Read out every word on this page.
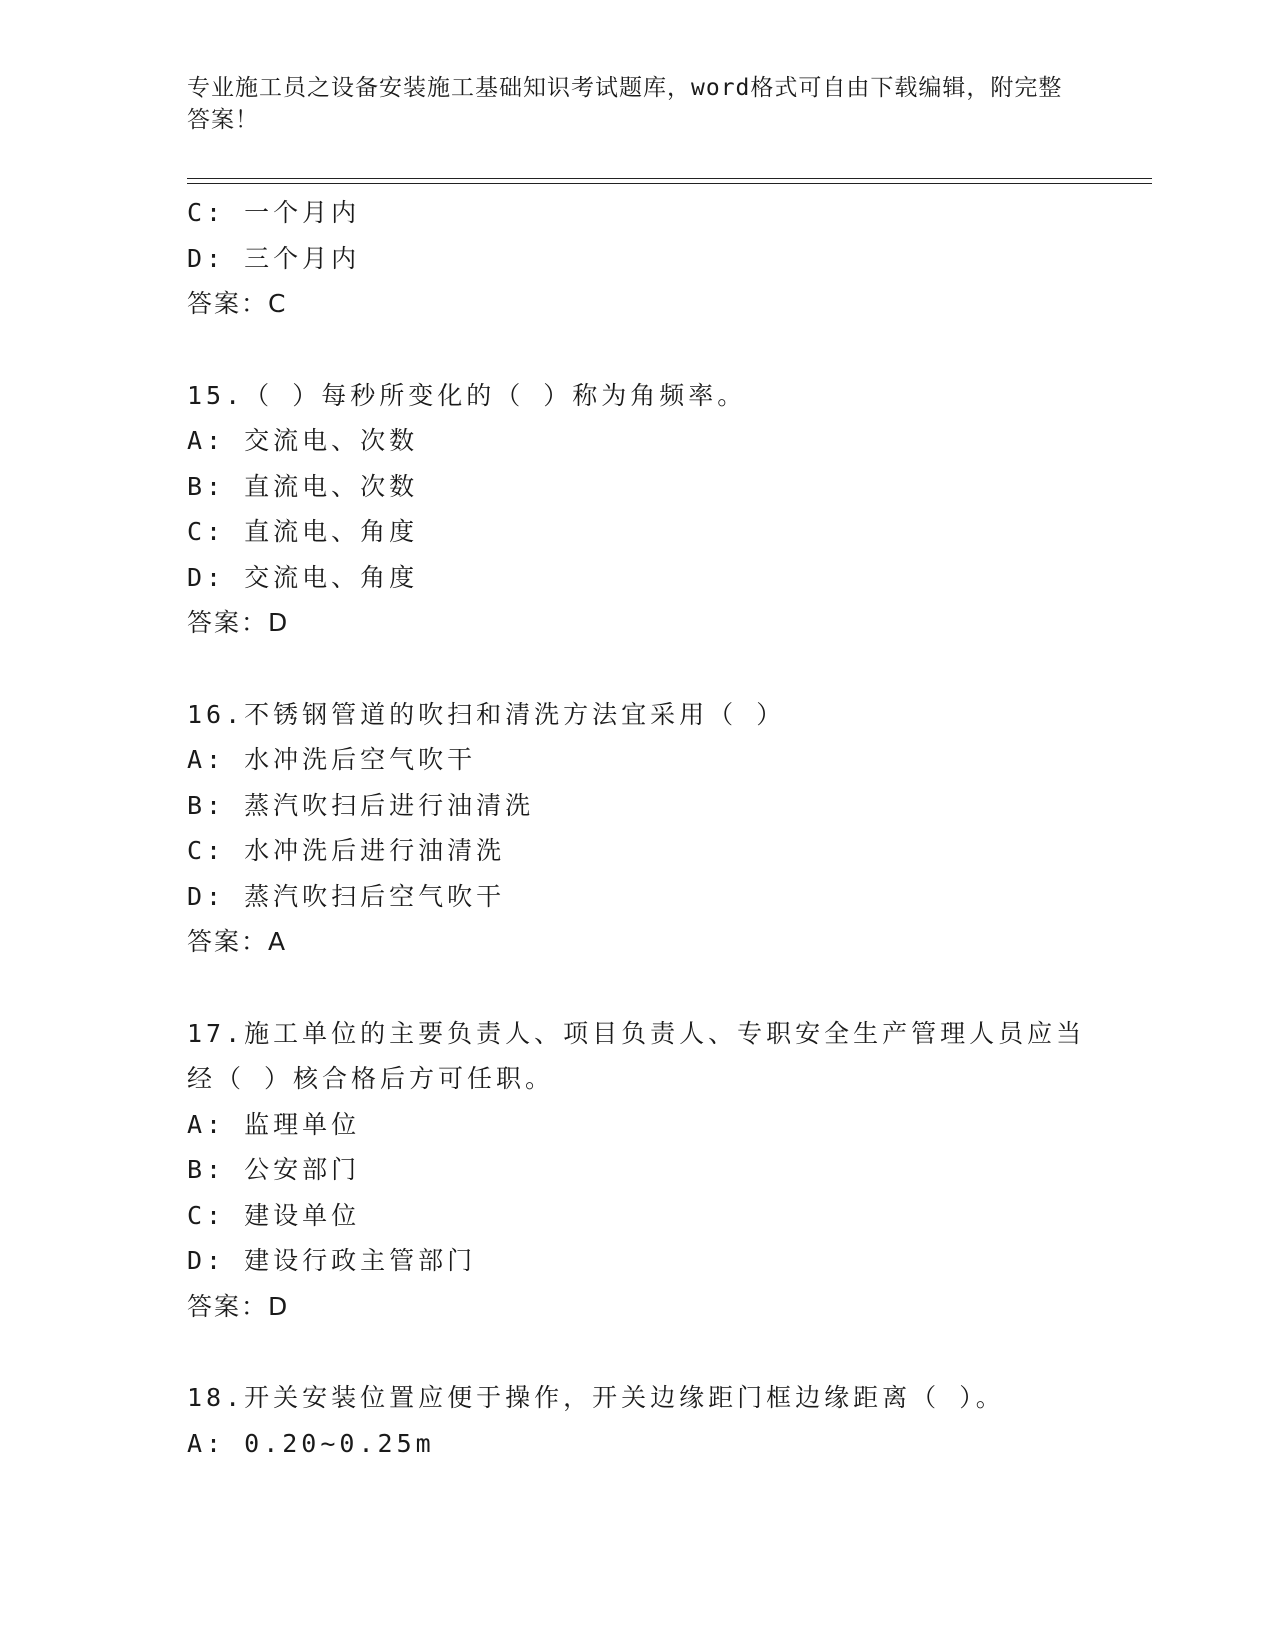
专业施工员之设备安装施工基础知识考试题库，word格式可自由下载编辑，附完整答案！
C: 一个月内
D: 三个月内
答案：C
15.（ ）每秒所变化的（ ）称为角频率。
A: 交流电、次数
B: 直流电、次数
C: 直流电、角度
D: 交流电、角度
答案：D
16.不锈钢管道的吹扫和清洗方法宜采用（ ）
A: 水冲洗后空气吹干
B: 蒸汽吹扫后进行油清洗
C: 水冲洗后进行油清洗
D: 蒸汽吹扫后空气吹干
答案：A
17.施工单位的主要负责人、项目负责人、专职安全生产管理人员应当
经（ ）核合格后方可任职。
A: 监理单位
B: 公安部门
C: 建设单位
D: 建设行政主管部门
答案：D
18.开关安装位置应便于操作，开关边缘距门框边缘距离（ ）。
A: 0.20~0.25m
